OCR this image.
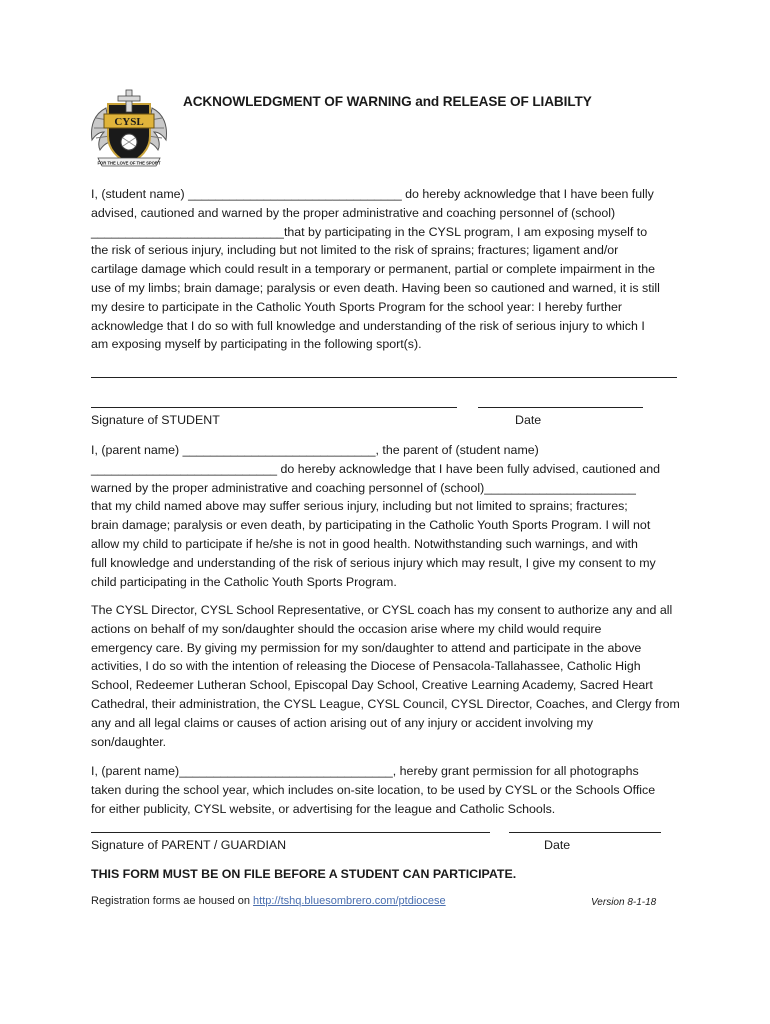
CYSL
FOR THE LOVE OF THE SPORT
ACKNOWLEDGMENT OF WARNING and RELEASE OF LIABILTY
I, (student name) _______________________________ do hereby acknowledge that I have been fully
advised, cautioned and warned by the proper administrative and coaching personnel of (school)
____________________________that by participating in the CYSL program, I am exposing myself to
the risk of serious injury, including but not limited to the risk of sprains; fractures; ligament and/or
cartilage damage which could result in a temporary or permanent, partial or complete impairment in the
use of my limbs; brain damage; paralysis or even death. Having been so cautioned and warned, it is still
my desire to participate in the Catholic Youth Sports Program for the school year: I hereby further
acknowledge that I do so with full knowledge and understanding of the risk of serious injury to which I
am exposing myself by participating in the following sport(s).
Signature of STUDENT	Date
I, (parent name) ____________________________, the parent of (student name)
___________________________ do hereby acknowledge that I have been fully advised, cautioned and
warned by the proper administrative and coaching personnel of (school)______________________
that my child named above may suffer serious injury, including but not limited to sprains; fractures;
brain damage; paralysis or even death, by participating in the Catholic Youth Sports Program. I will not
allow my child to participate if he/she is not in good health. Notwithstanding such warnings, and with
full knowledge and understanding of the risk of serious injury which may result, I give my consent to my
child participating in the Catholic Youth Sports Program.
The CYSL Director, CYSL School Representative, or CYSL coach has my consent to authorize any and all
actions on behalf of my son/daughter should the occasion arise where my child would require
emergency care. By giving my permission for my son/daughter to attend and participate in the above
activities, I do so with the intention of releasing the Diocese of Pensacola-Tallahassee, Catholic High
School, Redeemer Lutheran School, Episcopal Day School, Creative Learning Academy, Sacred Heart
Cathedral, their administration, the CYSL League, CYSL Council, CYSL Director, Coaches, and Clergy from
any and all legal claims or causes of action arising out of any injury or accident involving my
son/daughter.
I, (parent name)_______________________________, hereby grant permission for all photographs
taken during the school year, which includes on-site location, to be used by CYSL or the Schools Office
for either publicity, CYSL website, or advertising for the league and Catholic Schools.
Signature of PARENT / GUARDIAN	Date
THIS FORM MUST BE ON FILE BEFORE A STUDENT CAN PARTICIPATE.
Registration forms ae housed on http://tshq.bluesombrero.com/ptdiocese	Version 8-1-18
